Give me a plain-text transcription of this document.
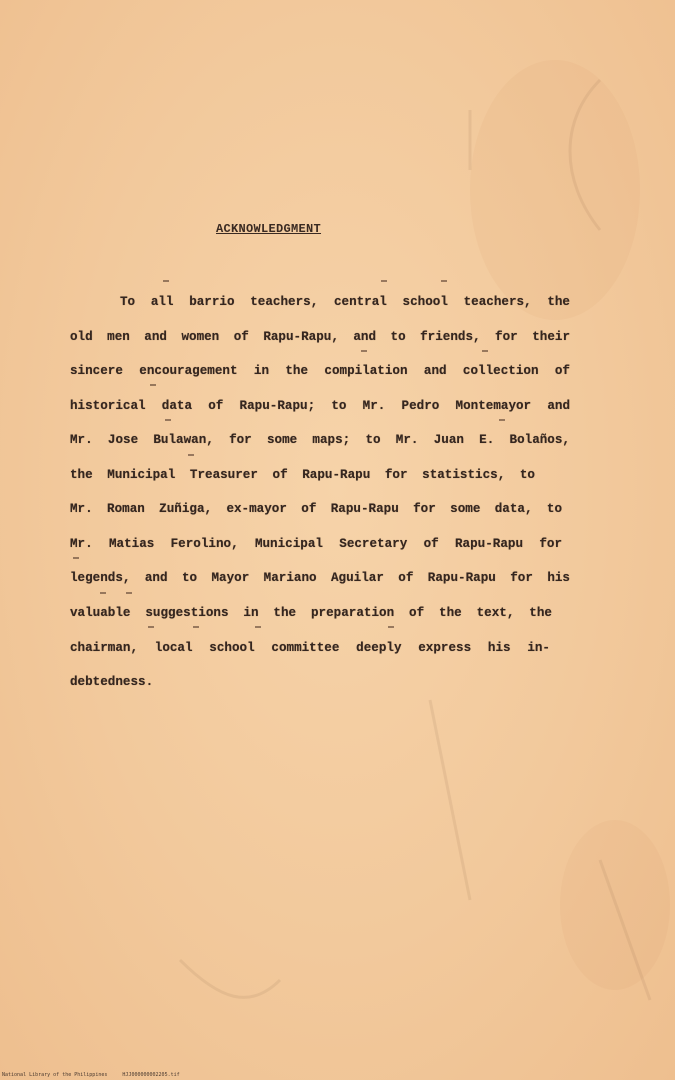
ACKNOWLEDGMENT
To all barrio teachers, central school teachers, the
old men and women of Rapu-Rapu, and to friends, for their
sincere encouragement in the compilation and collection of
historical data of Rapu-Rapu; to Mr. Pedro Montemayor and
Mr. Jose Bulawan, for some maps; to Mr. Juan E. Bolaños,
the Municipal Treasurer of Rapu-Rapu for statistics, to
Mr. Roman Zuñiga, ex-mayor of Rapu-Rapu for some data, to
Mr. Matias Ferolino, Municipal Secretary of Rapu-Rapu for
legends, and to Mayor Mariano Aguilar of Rapu-Rapu for his
valuable suggestions in the preparation of the text, the
chairman, local school committee deeply express his in-
debtedness.
National Library of the Philippines	HJJ000000002205.tif
